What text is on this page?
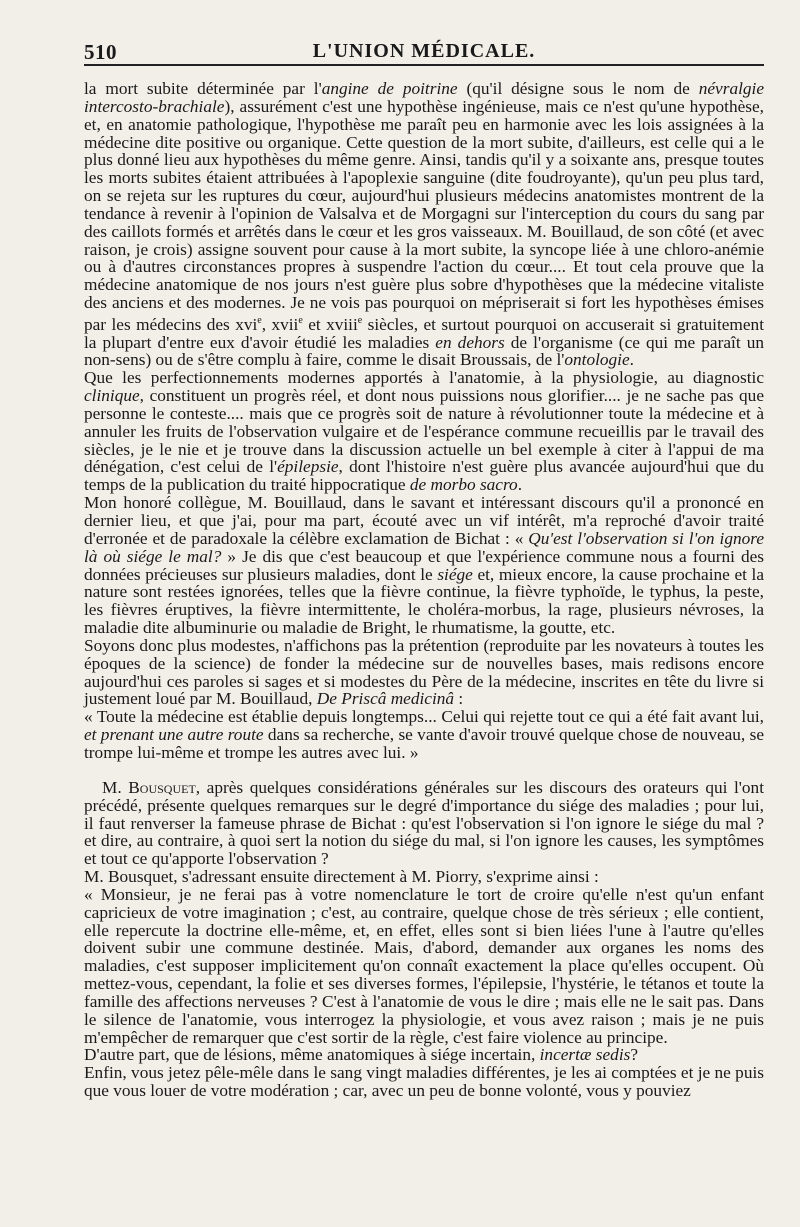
510	L'UNION MÉDICALE.

la mort subite déterminée par l'angine de poitrine (qu'il désigne sous le nom de névralgie intercosto-brachiale), assurément c'est une hypothèse ingénieuse, mais ce n'est qu'une hypothèse, et, en anatomie pathologique, l'hypothèse me paraît peu en harmonie avec les lois assignées à la médecine dite positive ou organique. Cette question de la mort subite, d'ailleurs, est celle qui a le plus donné lieu aux hypothèses du même genre. Ainsi, tandis qu'il y a soixante ans, presque toutes les morts subites étaient attribuées à l'apoplexie sanguine (dite foudroyante), qu'un peu plus tard, on se rejeta sur les ruptures du cœur, aujourd'hui plusieurs médecins anatomistes montrent de la tendance à revenir à l'opinion de Valsalva et de Morgagni sur l'interception du cours du sang par des caillots formés et arrêtés dans le cœur et les gros vaisseaux. M. Bouillaud, de son côté (et avec raison, je crois) assigne souvent pour cause à la mort subite, la syncope liée à une chloro-anémie ou à d'autres circonstances propres à suspendre l'action du cœur.... Et tout cela prouve que la médecine anatomique de nos jours n'est guère plus sobre d'hypothèses que la médecine vitaliste des anciens et des modernes. Je ne vois pas pourquoi on mépriserait si fort les hypothèses émises par les médecins des xvi$^e$, xvii$^e$ et xviii$^e$ siècles, et surtout pourquoi on accuserait si gratuitement la plupart d'entre eux d'avoir étudié les maladies en dehors de l'organisme (ce qui me paraît un non-sens) ou de s'être complu à faire, comme le disait Broussais, de l'ontologie.

Que les perfectionnements modernes apportés à l'anatomie, à la physiologie, au diagnostic clinique, constituent un progrès réel, et dont nous puissions nous glorifier.... je ne sache pas que personne le conteste.... mais que ce progrès soit de nature à révolutionner toute la médecine et à annuler les fruits de l'observation vulgaire et de l'espérance commune recueillis par le travail des siècles, je le nie et je trouve dans la discussion actuelle un bel exemple à citer à l'appui de ma dénégation, c'est celui de l'épilepsie, dont l'histoire n'est guère plus avancée aujourd'hui que du temps de la publication du traité hippocratique de morbo sacro.

Mon honoré collègue, M. Bouillaud, dans le savant et intéressant discours qu'il a prononcé en dernier lieu, et que j'ai, pour ma part, écouté avec un vif intérêt, m'a reproché d'avoir traité d'erronée et de paradoxale la célèbre exclamation de Bichat : « Qu'est l'observation si l'on ignore là où siége le mal? » Je dis que c'est beaucoup et que l'expérience commune nous a fourni des données précieuses sur plusieurs maladies, dont le siége et, mieux encore, la cause prochaine et la nature sont restées ignorées, telles que la fièvre continue, la fièvre typhoïde, le typhus, la peste, les fièvres éruptives, la fièvre intermittente, le choléra-morbus, la rage, plusieurs névroses, la maladie dite albuminurie ou maladie de Bright, le rhumatisme, la goutte, etc.

Soyons donc plus modestes, n'affichons pas la prétention (reproduite par les novateurs à toutes les époques de la science) de fonder la médecine sur de nouvelles bases, mais redisons encore aujourd'hui ces paroles si sages et si modestes du Père de la médecine, inscrites en tête du livre si justement loué par M. Bouillaud, De Priscâ medicinâ :

« Toute la médecine est établie depuis longtemps... Celui qui rejette tout ce qui a été fait avant lui, et prenant une autre route dans sa recherche, se vante d'avoir trouvé quelque chose de nouveau, se trompe lui-même et trompe les autres avec lui. »

M. Bousquet, après quelques considérations générales sur les discours des orateurs qui l'ont précédé, présente quelques remarques sur le degré d'importance du siége des maladies ; pour lui, il faut renverser la fameuse phrase de Bichat : qu'est l'observation si l'on ignore le siége du mal ? et dire, au contraire, à quoi sert la notion du siége du mal, si l'on ignore les causes, les symptômes et tout ce qu'apporte l'observation ?

M. Bousquet, s'adressant ensuite directement à M. Piorry, s'exprime ainsi :

« Monsieur, je ne ferai pas à votre nomenclature le tort de croire qu'elle n'est qu'un enfant capricieux de votre imagination ; c'est, au contraire, quelque chose de très sérieux ; elle contient, elle repercute la doctrine elle-même, et, en effet, elles sont si bien liées l'une à l'autre qu'elles doivent subir une commune destinée. Mais, d'abord, demander aux organes les noms des maladies, c'est supposer implicitement qu'on connaît exactement la place qu'elles occupent. Où mettez-vous, cependant, la folie et ses diverses formes, l'épilepsie, l'hystérie, le tétanos et toute la famille des affections nerveuses ? C'est à l'anatomie de vous le dire ; mais elle ne le sait pas. Dans le silence de l'anatomie, vous interrogez la physiologie, et vous avez raison ; mais je ne puis m'empêcher de remarquer que c'est sortir de la règle, c'est faire violence au principe.

D'autre part, que de lésions, même anatomiques à siége incertain, incertæ sedis?

Enfin, vous jetez pêle-mêle dans le sang vingt maladies différentes, je les ai comptées et je ne puis que vous louer de votre modération ; car, avec un peu de bonne volonté, vous y pouviez
